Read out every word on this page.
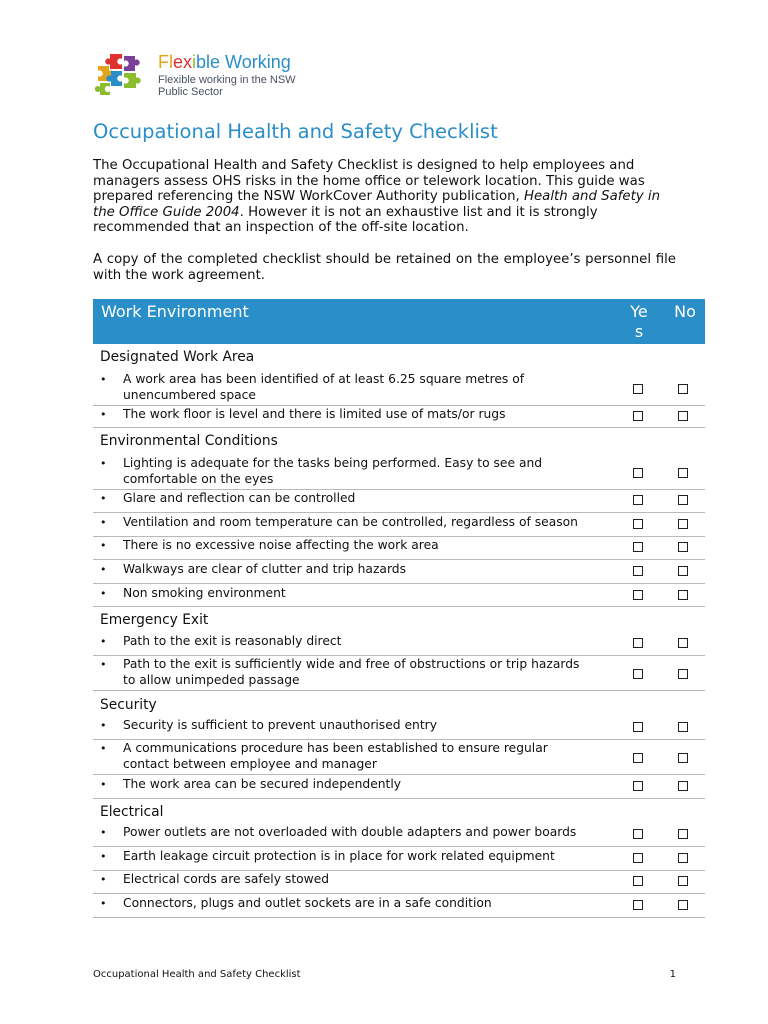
Flexible Working
Flexible working in the NSW
Public Sector
Occupational Health and Safety Checklist
The Occupational Health and Safety Checklist is designed to help employees and managers assess OHS risks in the home office or telework location. This guide was prepared referencing the NSW WorkCover Authority publication, Health and Safety in the Office Guide 2004. However it is not an exhaustive list and it is strongly recommended that an inspection of the off-site location.
A copy of the completed checklist should be retained on the employee’s personnel file with the work agreement.
Work Environment	Ye s
No
Designated Work Area
• A work area has been identified of at least 6.25 square metres of unencumbered space
• The work floor is level and there is limited use of mats/or rugs
Environmental Conditions
• Lighting is adequate for the tasks being performed. Easy to see and comfortable on the eyes
• Glare and reflection can be controlled
• Ventilation and room temperature can be controlled, regardless of season
• There is no excessive noise affecting the work area
• Walkways are clear of clutter and trip hazards
• Non smoking environment
Emergency Exit
• Path to the exit is reasonably direct
• Path to the exit is sufficiently wide and free of obstructions or trip hazards to allow unimpeded passage
Security
• Security is sufficient to prevent unauthorised entry
• A communications procedure has been established to ensure regular contact between employee and manager
• The work area can be secured independently
Electrical
• Power outlets are not overloaded with double adapters and power boards
• Earth leakage circuit protection is in place for work related equipment
• Electrical cords are safely stowed
• Connectors, plugs and outlet sockets are in a safe condition
Occupational Health and Safety Checklist	1
